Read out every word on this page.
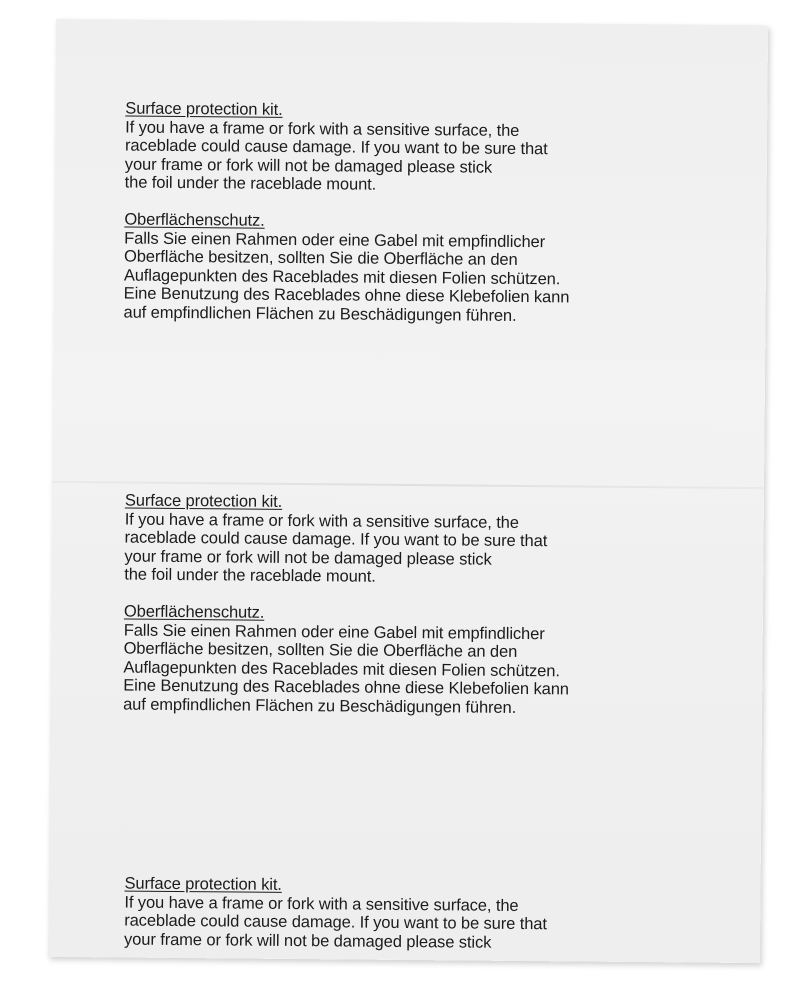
Surface protection kit.
If you have a frame or fork with a sensitive surface, the
raceblade could cause damage. If you want to be sure that
your frame or fork will not be damaged please stick
the foil under the raceblade mount.
Oberflächenschutz.
Falls Sie einen Rahmen oder eine Gabel mit empfindlicher
Oberfläche besitzen, sollten Sie die Oberfläche an den
Auflagepunkten des Raceblades mit diesen Folien schützen.
Eine Benutzung des Raceblades ohne diese Klebefolien kann
auf empfindlichen Flächen zu Beschädigungen führen.
Surface protection kit.
If you have a frame or fork with a sensitive surface, the
raceblade could cause damage. If you want to be sure that
your frame or fork will not be damaged please stick
the foil under the raceblade mount.
Oberflächenschutz.
Falls Sie einen Rahmen oder eine Gabel mit empfindlicher
Oberfläche besitzen, sollten Sie die Oberfläche an den
Auflagepunkten des Raceblades mit diesen Folien schützen.
Eine Benutzung des Raceblades ohne diese Klebefolien kann
auf empfindlichen Flächen zu Beschädigungen führen.
Surface protection kit.
If you have a frame or fork with a sensitive surface, the
raceblade could cause damage. If you want to be sure that
your frame or fork will not be damaged please stick
